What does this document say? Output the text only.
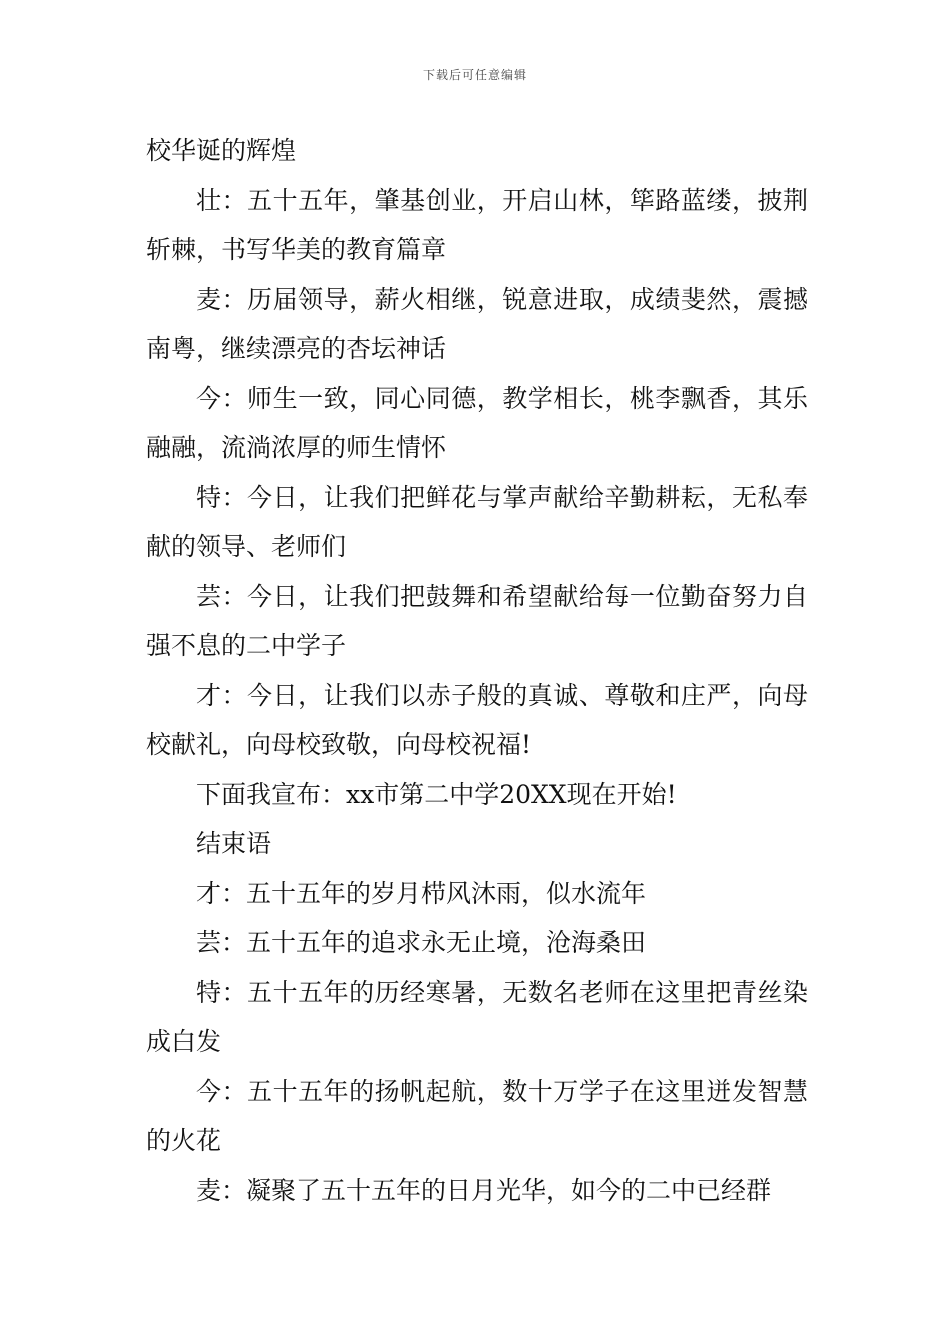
下载后可任意编辑

校华诞的辉煌

壮：五十五年，肇基创业，开启山林，筚路蓝缕，披荆斩棘，书写华美的教育篇章

麦：历届领导，薪火相继，锐意进取，成绩斐然，震撼南粤，继续漂亮的杏坛神话

今：师生一致，同心同德，教学相长，桃李飘香，其乐融融，流淌浓厚的师生情怀

特：今日，让我们把鲜花与掌声献给辛勤耕耘，无私奉献的领导、老师们

芸：今日，让我们把鼓舞和希望献给每一位勤奋努力自强不息的二中学子

才：今日，让我们以赤子般的真诚、尊敬和庄严，向母校献礼，向母校致敬，向母校祝福!

下面我宣布：xx市第二中学20XX现在开始!

结束语

才：五十五年的岁月栉风沐雨，似水流年

芸：五十五年的追求永无止境，沧海桑田

特：五十五年的历经寒暑，无数名老师在这里把青丝染成白发

今：五十五年的扬帆起航，数十万学子在这里迸发智慧的火花

麦：凝聚了五十五年的日月光华，如今的二中已经群
